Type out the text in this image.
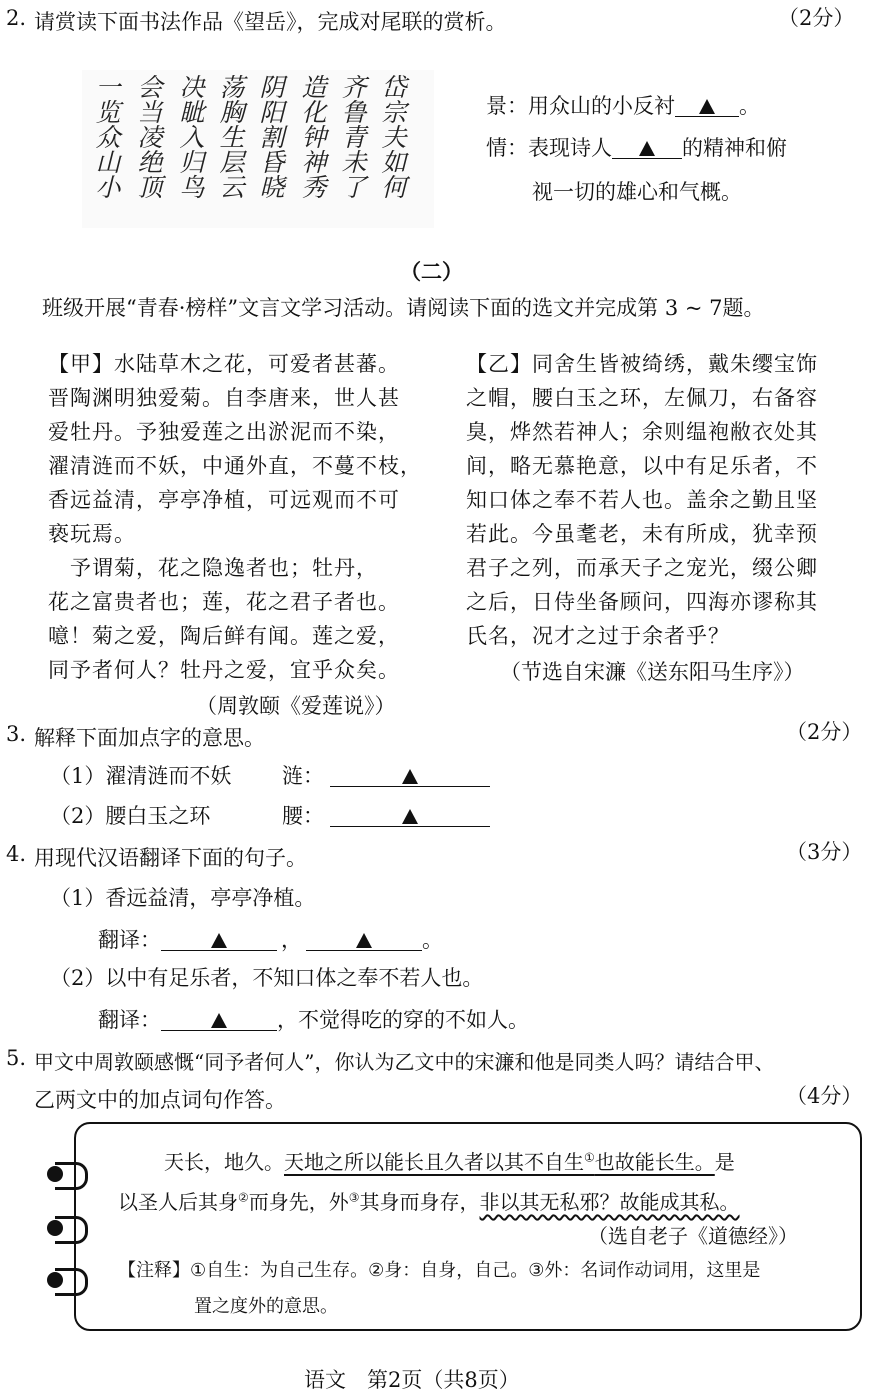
2. 请赏读下面书法作品《望岳》，完成对尾联的赏析。	（2分）
岱宗夫如何
齐鲁青未了
造化钟神秀
阴阳割昏晓
荡胸生层云
决眦入归鸟
会当凌绝顶
一览众山小	景：用众山的小反衬	。
情：表现诗人	的精神和俯
视一切的雄心和气概。
（二）
班级开展“青春·榜样”文言文学习活动。请阅读下面的选文并完成第 3 ~ 7题。
【甲】水陆草木之花，可爱者甚蕃。
晋陶渊明独爱菊。自李唐来，世人甚
爱牡丹。予独爱莲之出淤泥而不染，
濯清涟而不妖，中通外直，不蔓不枝，
香远益清，亭亭净植，可远观而不可
亵玩焉。
　予谓菊，花之隐逸者也；牡丹，
花之富贵者也；莲，花之君子者也。
噫！菊之爱，陶后鲜有闻。莲之爱，
同予者何人？牡丹之爱，宜乎众矣。
（周敦颐《爱莲说》）
【乙】同舍生皆被绮绣，戴朱缨宝饰
之帽，腰白玉之环，左佩刀，右备容
臭，烨然若神人；余则缊袍敝衣处其
间，略无慕艳意，以中有足乐者，不
知口体之奉不若人也。盖余之勤且坚
若此。今虽耄老，未有所成，犹幸预
君子之列，而承天子之宠光，缀公卿
之后，日侍坐备顾问，四海亦谬称其
氏名，况才之过于余者乎？
（节选自宋濂《送东阳马生序》）
3. 解释下面加点字的意思。	（2分）
（1）濯清涟而不妖 涟：
（2）腰白玉之环	腰：
4. 用现代汉语翻译下面的句子。	（3分）
（1）香远益清，亭亭净植。
翻译：	，	。
（2）以中有足乐者，不知口体之奉不若人也。
翻译：	，不觉得吃的穿的不如人。
5. 甲文中周敦颐感慨“同予者何人”，你认为乙文中的宋濂和他是同类人吗？请结合甲、
乙两文中的加点词句作答。	（4分）
天长，地久。天地之所以能长且久者以其不自生①也故能长生。是
以圣人后其身②而身先，外③其身而身存，非以其无私邪？故能成其私。
（选自老子《道德经》）
【注释】①自生：为自己生存。②身：自身，自己。③外：名词作动词用，这里是
置之度外的意思。
语文　第2页（共8页）
